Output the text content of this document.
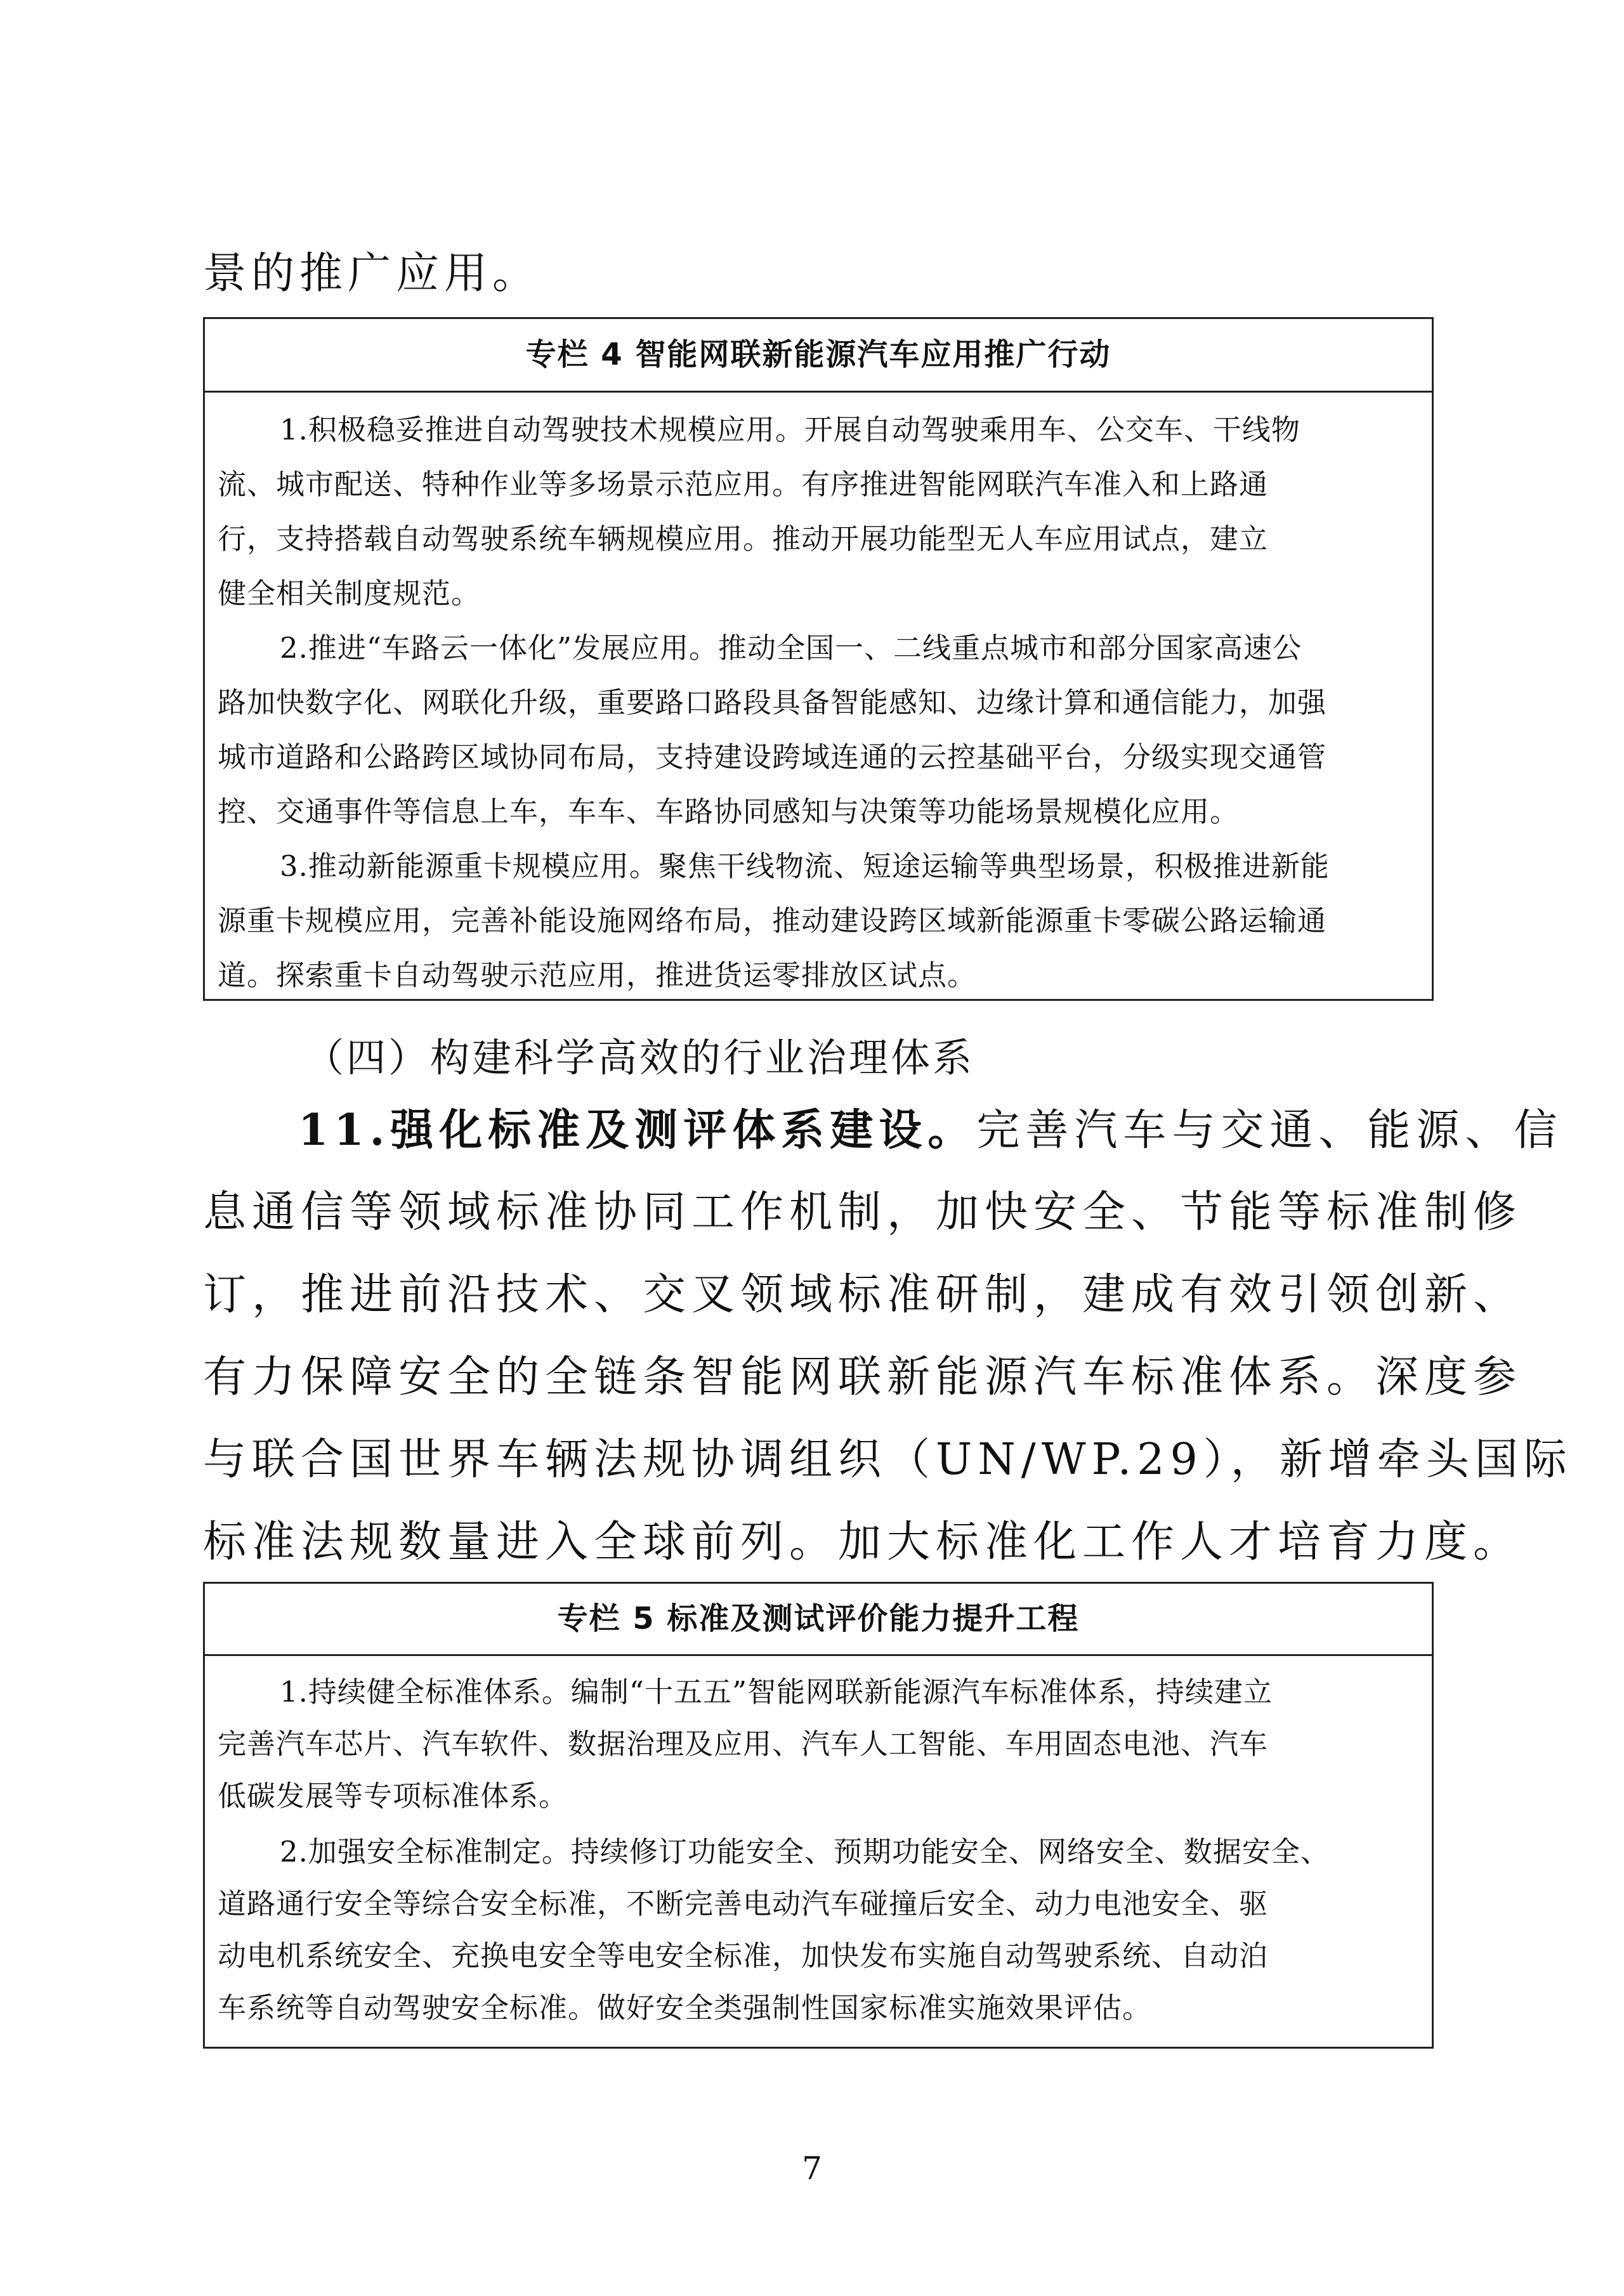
景的推广应用。
专栏 4 智能网联新能源汽车应用推广行动
1.积极稳妥推进自动驾驶技术规模应用。开展自动驾驶乘用车、公交车、干线物
流、城市配送、特种作业等多场景示范应用。有序推进智能网联汽车准入和上路通
行，支持搭载自动驾驶系统车辆规模应用。推动开展功能型无人车应用试点，建立
健全相关制度规范。
2.推进“车路云一体化”发展应用。推动全国一、二线重点城市和部分国家高速公
路加快数字化、网联化升级，重要路口路段具备智能感知、边缘计算和通信能力，加强
城市道路和公路跨区域协同布局，支持建设跨域连通的云控基础平台，分级实现交通管
控、交通事件等信息上车，车车、车路协同感知与决策等功能场景规模化应用。
3.推动新能源重卡规模应用。聚焦干线物流、短途运输等典型场景，积极推进新能
源重卡规模应用，完善补能设施网络布局，推动建设跨区域新能源重卡零碳公路运输通
道。探索重卡自动驾驶示范应用，推进货运零排放区试点。
（四）构建科学高效的行业治理体系
11.强化标准及测评体系建设。完善汽车与交通、能源、信
息通信等领域标准协同工作机制，加快安全、节能等标准制修
订，推进前沿技术、交叉领域标准研制，建成有效引领创新、
有力保障安全的全链条智能网联新能源汽车标准体系。深度参
与联合国世界车辆法规协调组织（UN/WP.29），新增牵头国际
标准法规数量进入全球前列。加大标准化工作人才培育力度。
专栏 5 标准及测试评价能力提升工程
1.持续健全标准体系。编制“十五五”智能网联新能源汽车标准体系，持续建立
完善汽车芯片、汽车软件、数据治理及应用、汽车人工智能、车用固态电池、汽车
低碳发展等专项标准体系。
2.加强安全标准制定。持续修订功能安全、预期功能安全、网络安全、数据安全、
道路通行安全等综合安全标准，不断完善电动汽车碰撞后安全、动力电池安全、驱
动电机系统安全、充换电安全等电安全标准，加快发布实施自动驾驶系统、自动泊
车系统等自动驾驶安全标准。做好安全类强制性国家标准实施效果评估。
7
